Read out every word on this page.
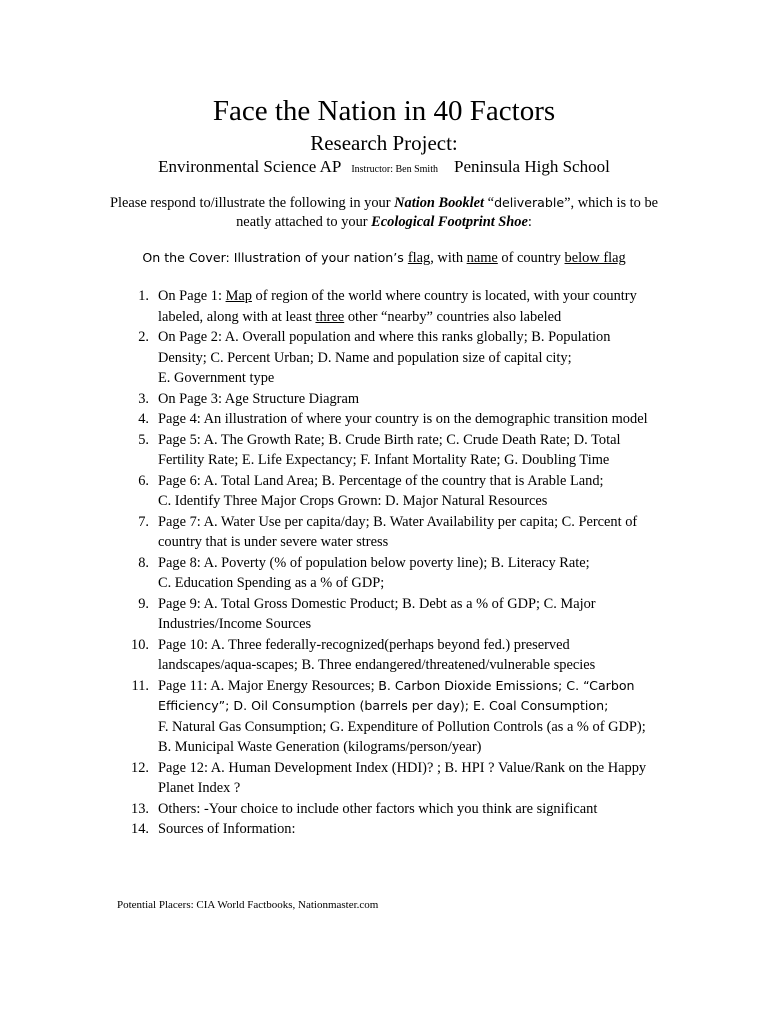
Face the Nation in 40 Factors
Research Project:
Environmental Science AP Instructor: Ben Smith Peninsula High School
Please respond to/illustrate the following in your Nation Booklet “deliverable”, which is to be neatly attached to your Ecological Footprint Shoe:
On the Cover: Illustration of your nation’s flag, with name of country below flag
1. On Page 1: Map of region of the world where country is located, with your country labeled, along with at least three other “nearby” countries also labeled
2. On Page 2: A. Overall population and where this ranks globally; B. Population Density; C. Percent Urban; D. Name and population size of capital city;
E. Government type
3. On Page 3: Age Structure Diagram
4. Page 4: An illustration of where your country is on the demographic transition model
5. Page 5: A. The Growth Rate; B. Crude Birth rate; C. Crude Death Rate; D. Total Fertility Rate; E. Life Expectancy; F. Infant Mortality Rate; G. Doubling Time
6. Page 6: A. Total Land Area; B. Percentage of the country that is Arable Land;
C. Identify Three Major Crops Grown: D. Major Natural Resources
7. Page 7: A. Water Use per capita/day; B. Water Availability per capita; C. Percent of country that is under severe water stress
8. Page 8: A. Poverty (% of population below poverty line); B. Literacy Rate;
C. Education Spending as a % of GDP;
9. Page 9: A. Total Gross Domestic Product; B. Debt as a % of GDP; C. Major Industries/Income Sources
10. Page 10: A. Three federally-recognized(perhaps beyond fed.) preserved landscapes/aqua-scapes; B. Three endangered/threatened/vulnerable species
11. Page 11: A. Major Energy Resources; B. Carbon Dioxide Emissions; C. “Carbon Efficiency”; D. Oil Consumption (barrels per day); E. Coal Consumption;
F. Natural Gas Consumption; G. Expenditure of Pollution Controls (as a % of GDP); B. Municipal Waste Generation (kilograms/person/year)
12. Page 12: A. Human Development Index (HDI)? ; B. HPI ? Value/Rank on the Happy Planet Index ?
13. Others: -Your choice to include other factors which you think are significant
14. Sources of Information:
Potential Placers: CIA World Factbooks, Nationmaster.com
